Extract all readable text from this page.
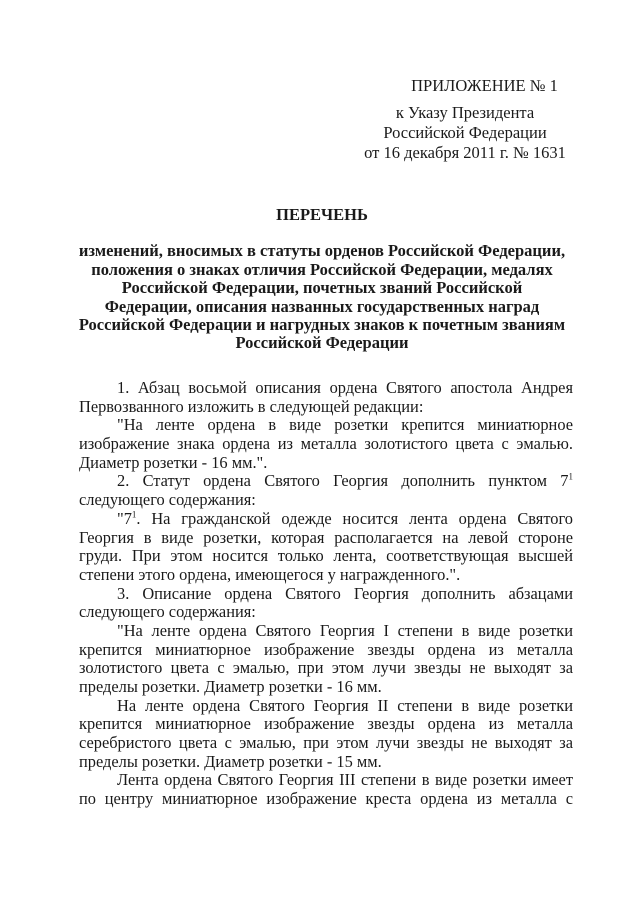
ПРИЛОЖЕНИЕ № 1
к Указу Президента
Российской Федерации
от 16 декабря 2011 г. № 1631
ПЕРЕЧЕНЬ
изменений, вносимых в статуты орденов Российской Федерации,
положения о знаках отличия Российской Федерации, медалях
Российской Федерации, почетных званий Российской
Федерации, описания названных государственных наград
Российской Федерации и нагрудных знаков к почетным званиям
Российской Федерации
1. Абзац восьмой описания ордена Святого апостола Андрея
Первозванного изложить в следующей редакции:
"На ленте ордена в виде розетки крепится миниатюрное
изображение знака ордена из металла золотистого цвета с эмалью.
Диаметр розетки - 16 мм.".
2. Статут ордена Святого Георгия дополнить пунктом $7^1$
следующего содержания:
"$7^1$. На гражданской одежде носится лента ордена Святого
Георгия в виде розетки, которая располагается на левой стороне
груди. При этом носится только лента, соответствующая высшей
степени этого ордена, имеющегося у награжденного.".
3. Описание ордена Святого Георгия дополнить абзацами
следующего содержания:
"На ленте ордена Святого Георгия I степени в виде розетки
крепится миниатюрное изображение звезды ордена из металла
золотистого цвета с эмалью, при этом лучи звезды не выходят за
пределы розетки. Диаметр розетки - 16 мм.
На ленте ордена Святого Георгия II степени в виде розетки
крепится миниатюрное изображение звезды ордена из металла
серебристого цвета с эмалью, при этом лучи звезды не выходят за
пределы розетки. Диаметр розетки - 15 мм.
Лента ордена Святого Георгия III степени в виде розетки имеет
по центру миниатюрное изображение креста ордена из металла с
